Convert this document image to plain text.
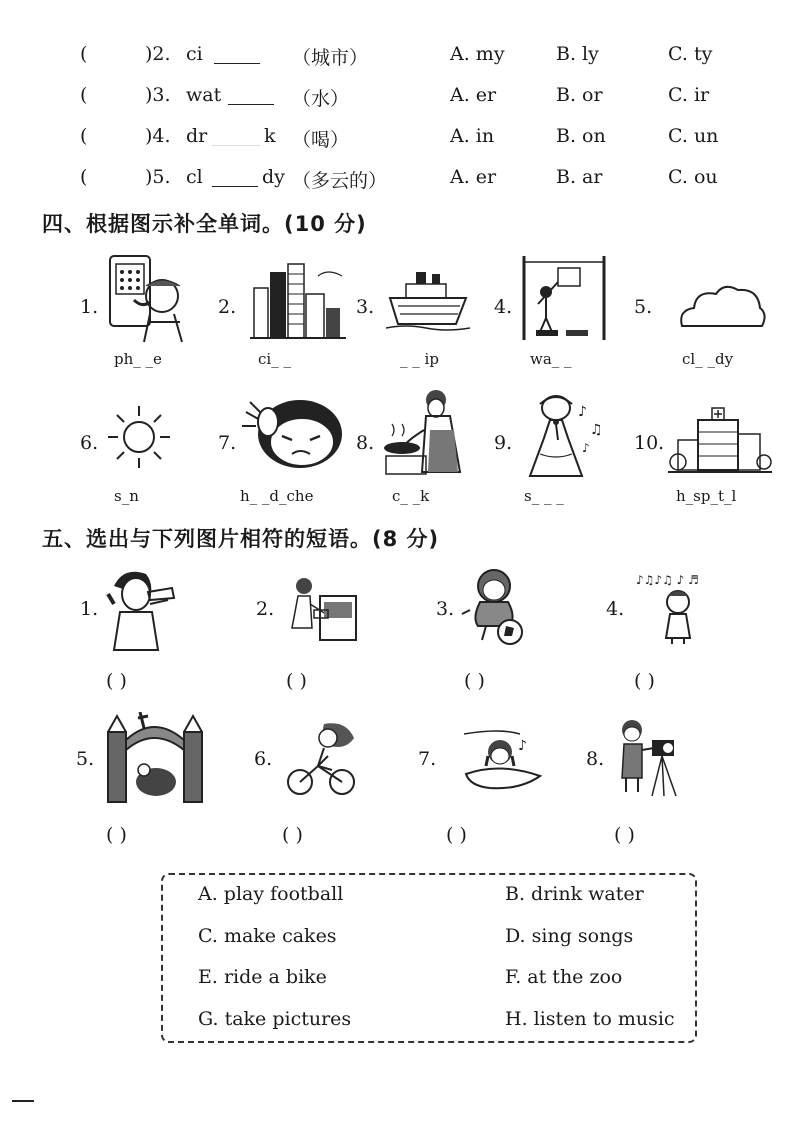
(	)2. ci	（城市）	A. my	B. ly	C. ty
(	)3. wat	（水）	A. er	B. or	C. ir
(	)4. dr	k （喝）	A. in	B. on	C. un
(	)5. cl	dy （多云的）	A. er	B. ar	C. ou
四、根据图示补全单词。(10 分)
1.	2.	3.	4.	5.
ph_ _e	ci_ _	_ _ ip	wa_ _	cl_ _dy
6.	7.	8.	9.	10.
♪
♫
♪
s_n	h_ _d_che	c_ _k	s_ _ _	h_sp_t_l
五、选出与下列图片相符的短语。(8 分)
1.	2.	3.	4.
♪♫♪♫ ♪ ♬
( )	( )	( )	( )
5.	6.	7.	8.
♪
( )	( )	( )	( )
A. play football	B. drink water
C. make cakes	D. sing songs
E. ride a bike	F. at the zoo
G. take pictures	H. listen to music
